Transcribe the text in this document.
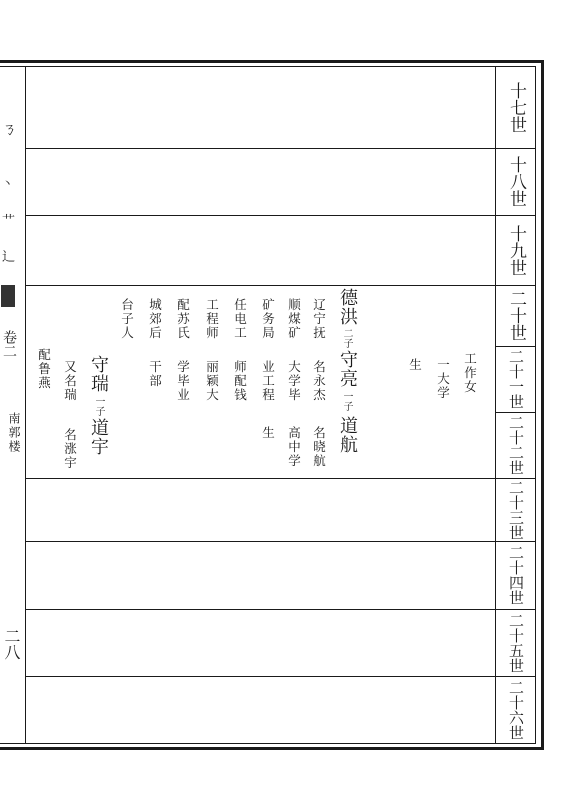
十七世
十八世
十九世
二十世
二十一世
二十二世
二十三世
二十四世
二十五世
二十六世
ㄋ
丶
⺾
⻌
卷二
南郭楼
二八
德洪
二子
辽宁抚
顺煤矿
矿务局
任电工
工程师
配苏氏
城郊后
台子人
守亮
一子
名永杰
大学毕
业工程
师配钱
丽颖大
学毕业
干部
守瑞
一子
又名瑞
配鲁燕
道航
名晓航
高中学
生
道宇
名涨宇
工作女
一大学
生
